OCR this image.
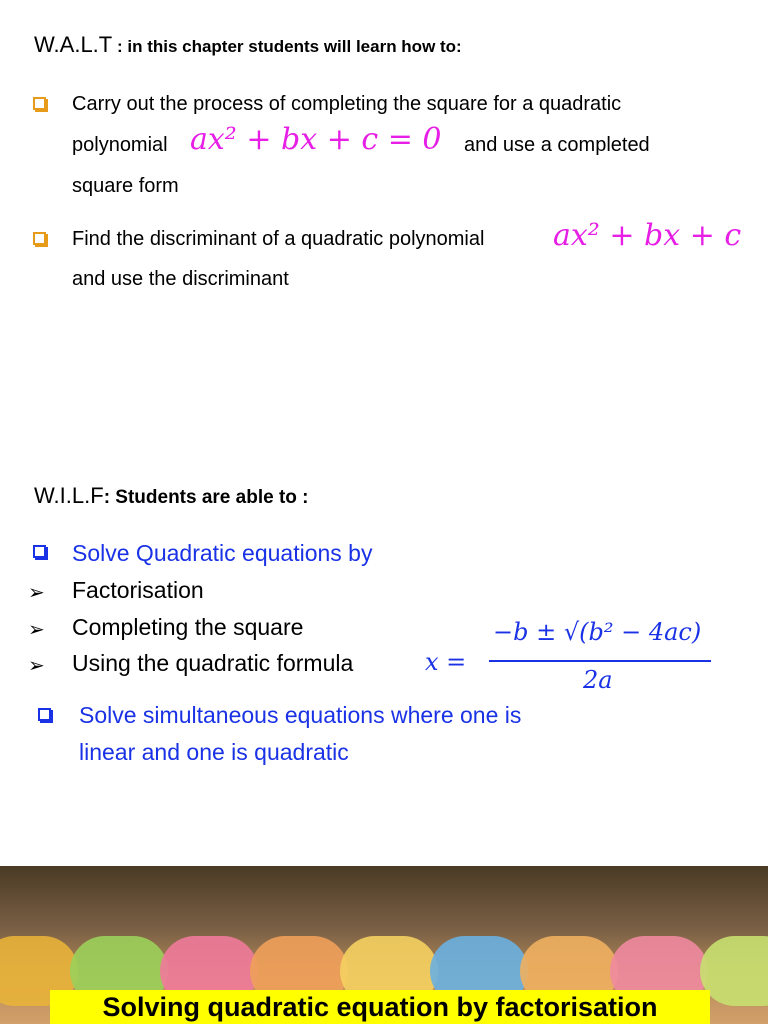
W.A.L.T : in this chapter students will learn how to:
Carry out the process of completing the square for a quadratic
polynomial ax² + bx + c = 0 and use a completed
square form
Find the discriminant of a quadratic polynomial ax² + bx + c
and use the discriminant
W.I.L.F: Students are able to :
Solve Quadratic equations by
➢ Factorisation
➢ Completing the square
➢ Using the quadratic formula	x =
−b ± √(b² − 4ac)
2a
Solve simultaneous equations where one is
linear and one is quadratic
Solving quadratic equation by factorisation
